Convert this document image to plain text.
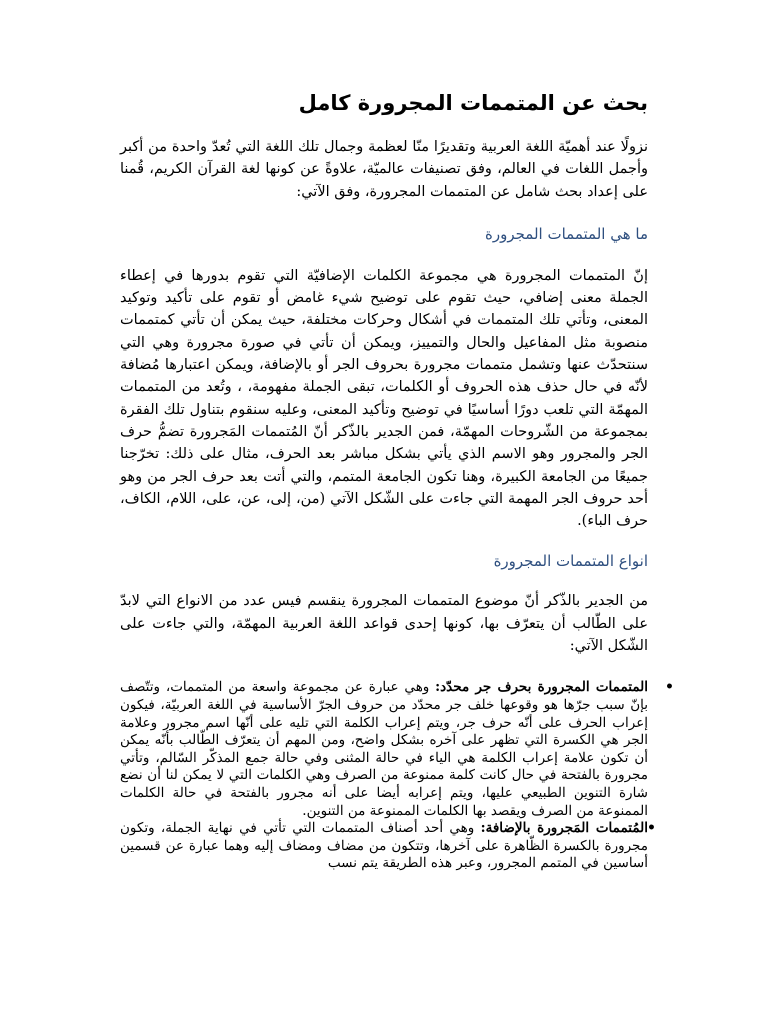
بحث عن المتممات المجرورة كامل

نزولًا عند أهميّة اللغة العربية وتقديرًا منّا لعظمة وجمال تلك اللغة التي تُعدّ واحدة من أكبر وأجمل اللغات في العالم، وفق تصنيفات عالميّة، علاوةً عن كونها لغة القرآن الكريم، قُمنا على إعداد بحث شامل عن المتممات المجرورة، وفق الآتي:

ما هي المتممات المجرورة

إنّ المتممات المجرورة هي مجموعة الكلمات الإضافيّة التي تقوم بدورها في إعطاء الجملة معنى إضافي، حيث تقوم على توضيح شيء غامض أو تقوم على تأكيد وتوكيد المعنى، وتأتي تلك المتممات في أشكال وحركات مختلفة، حيث يمكن أن تأتي كمتممات منصوبة مثل المفاعيل والحال والتمييز، ويمكن أن تأتي في صورة مجرورة وهي التي سنتحدّث عنها وتشمل متممات مجرورة بحروف الجر أو بالإضافة، ويمكن اعتبارها مُضافة لأنّه في حال حذف هذه الحروف أو الكلمات، تبقى الجملة مفهومة، ، وتُعد من المتممات المهمّة التي تلعب دورًا أساسيًا في توضيح وتأكيد المعنى، وعليه سنقوم بتناول تلك الفقرة بمجموعة من الشّروحات المهمّة، فمن الجدير بالذّكر أنّ المُتممات المَجرورة تضمُّ حرف الجر والمجرور وهو الاسم الذي يأتي بشكل مباشر بعد الحرف، مثال على ذلك: تخرّجنا جميعًا من الجامعة الكبيرة، وهنا تكون الجامعة المتمم، والتي أتت بعد حرف الجر من وهو أحد حروف الجر المهمة التي جاءت على الشّكل الآتي (من، إلى، عن، على، اللام، الكاف، حرف الباء).

انواع المتممات المجرورة

من الجدير بالذّكر أنّ موضوع المتممات المجرورة ينقسم فيس عدد من الانواع التي لابدّ على الطّالب أن يتعرّف بها، كونها إحدى قواعد اللغة العربية المهمّة، والتي جاءت على الشّكل الآتي:

•
المتممات المجرورة بحرف جر محدّد: وهي عبارة عن مجموعة واسعة من المتممات، وتتّصف بإنّ سبب جرّها هو وقوعها خلف جر محدّد من حروف الجرّ الأساسية في اللغة العربيّة، فيكون إعراب الحرف على أنّه حرف جر، ويتم إعراب الكلمة التي تليه على أنّها اسم مجرور وعلامة الجر هي الكسرة التي تظهر على آخره بشكل واضح، ومن المهم أن يتعرّف الطّالب بأنّه يمكن أن تكون علامة إعراب الكلمة هي الياء في حالة المثنى وفي حالة جمع المذكّر السّالم، وتأتي مجرورة بالفتحة في حال كانت كلمة ممنوعة من الصرف وهي الكلمات التي لا يمكن لنا أن نضع شارة التنوين الطبيعي عليها، ويتم إعرابه أيضا على أنه مجرور بالفتحة في حالة الكلمات الممنوعة من الصرف ويقصد بها الكلمات الممنوعة من التنوين.
•
المُتممات المَجرورة بالإضافة: وهي أحد أصناف المتممات التي تأتي في نهاية الجملة، وتكون مجرورة بالكسرة الظّاهرة على آخرها، وتتكون من مضاف ومضاف إليه وهما عبارة عن قسمين أساسين في المتمم المجرور، وعبر هذه الطريقة يتم نسب
